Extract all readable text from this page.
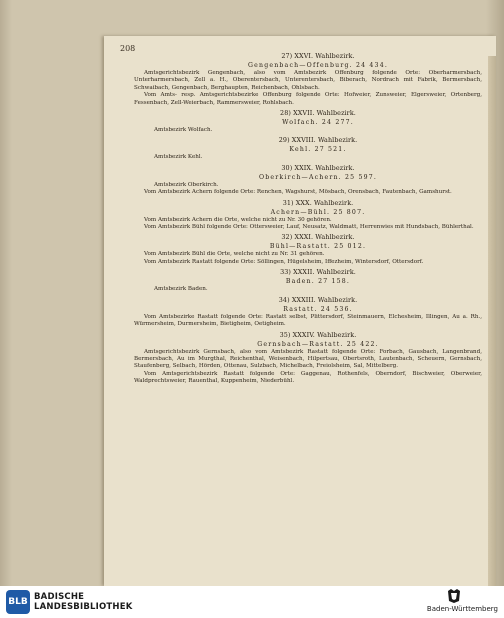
208
27) XXVI. Wahlbezirk.
Gengenbach—Offenburg. 24 434.

Amtsgerichtsbezirk Gengenbach, also vom Amtsbezirk Offenburg folgende Orte: Oberharmersbach, Unterharmersbach, Zell a. H., Oberentersbach, Unterentersbach, Biberach, Nordrach mit Fabrik, Bermersbach, Schwaibach, Gengenbach, Berghaupten, Reichenbach, Ohlsbach.

Vom Amts- resp. Amtsgerichtsbezirke Offenburg folgende Orte: Hofweier, Zunsweier, Elgersweier, Ortenberg, Fessenbach, Zell-Weierbach, Rammersweier, Rohlsbach.

28) XXVII. Wahlbezirk.
Wolfach. 24 277.

Amtsbezirk Wolfach.

29) XXVIII. Wahlbezirk.
Kehl. 27 521.

Amtsbezirk Kehl.

30) XXIX. Wahlbezirk.
Oberkirch—Achern. 25 597.

Amtsbezirk Oberkirch.

Vom Amtsbezirk Achern folgende Orte: Renchen, Wagshurst, Mösbach, Orensbach, Fautenbach, Gamshurst.

31) XXX. Wahlbezirk.
Achern—Bühl. 25 807.

Vom Amtsbezirk Achern die Orte, welche nicht zu Nr. 30 gehören.

Vom Amtsbezirk Bühl folgende Orte: Ottersweier, Lauf, Neusatz, Waldmatt, Herrenwies mit Hundsbach, Bühlerthal.

32) XXXI. Wahlbezirk.
Bühl—Rastatt. 25 012.

Vom Amtsbezirk Bühl die Orte, welche nicht zu Nr. 31 gehören.

Vom Amtsbezirk Rastatt folgende Orte: Söllingen, Hügelsheim, Iffezheim, Wintersdorf, Ottersdorf.

33) XXXII. Wahlbezirk.
Baden. 27 158.

Amtsbezirk Baden.

34) XXXIII. Wahlbezirk.
Rastatt. 24 536.

Vom Amtsbezirke Rastatt folgende Orte: Rastatt selbst, Plittersdorf, Steinmauern, Elchesheim, Illingen, Au a. Rh., Würmersheim, Durmersheim, Bietigheim, Oetigheim.

35) XXXIV. Wahlbezirk.
Gernsbach—Rastatt. 25 422.

Amtsgerichtsbezirk Gernsbach, also vom Amtsbezirk Rastatt folgende Orte: Forbach, Gausbach, Langenbrand, Bermersbach, Au im Murgthal, Reichenthal, Weisenbach, Hilpertsau, Obertsroth, Lautenbach, Scheuern, Gernsbach, Staufenberg, Selbach, Hörden, Ottenau, Sulzbach, Michelbach, Freiolsheim, Sal, Mittelberg.

Vom Amtsgerichtsbezirk Rastatt folgende Orte: Gaggenau, Rothenfels, Oberndorf, Bischweier, Oberweier, Waldprechtsweier, Rauenthal, Kuppenheim, Niederbühl.

BLB BADISCHE
LANDESBIBLIOTHEK	Baden-Württemberg
